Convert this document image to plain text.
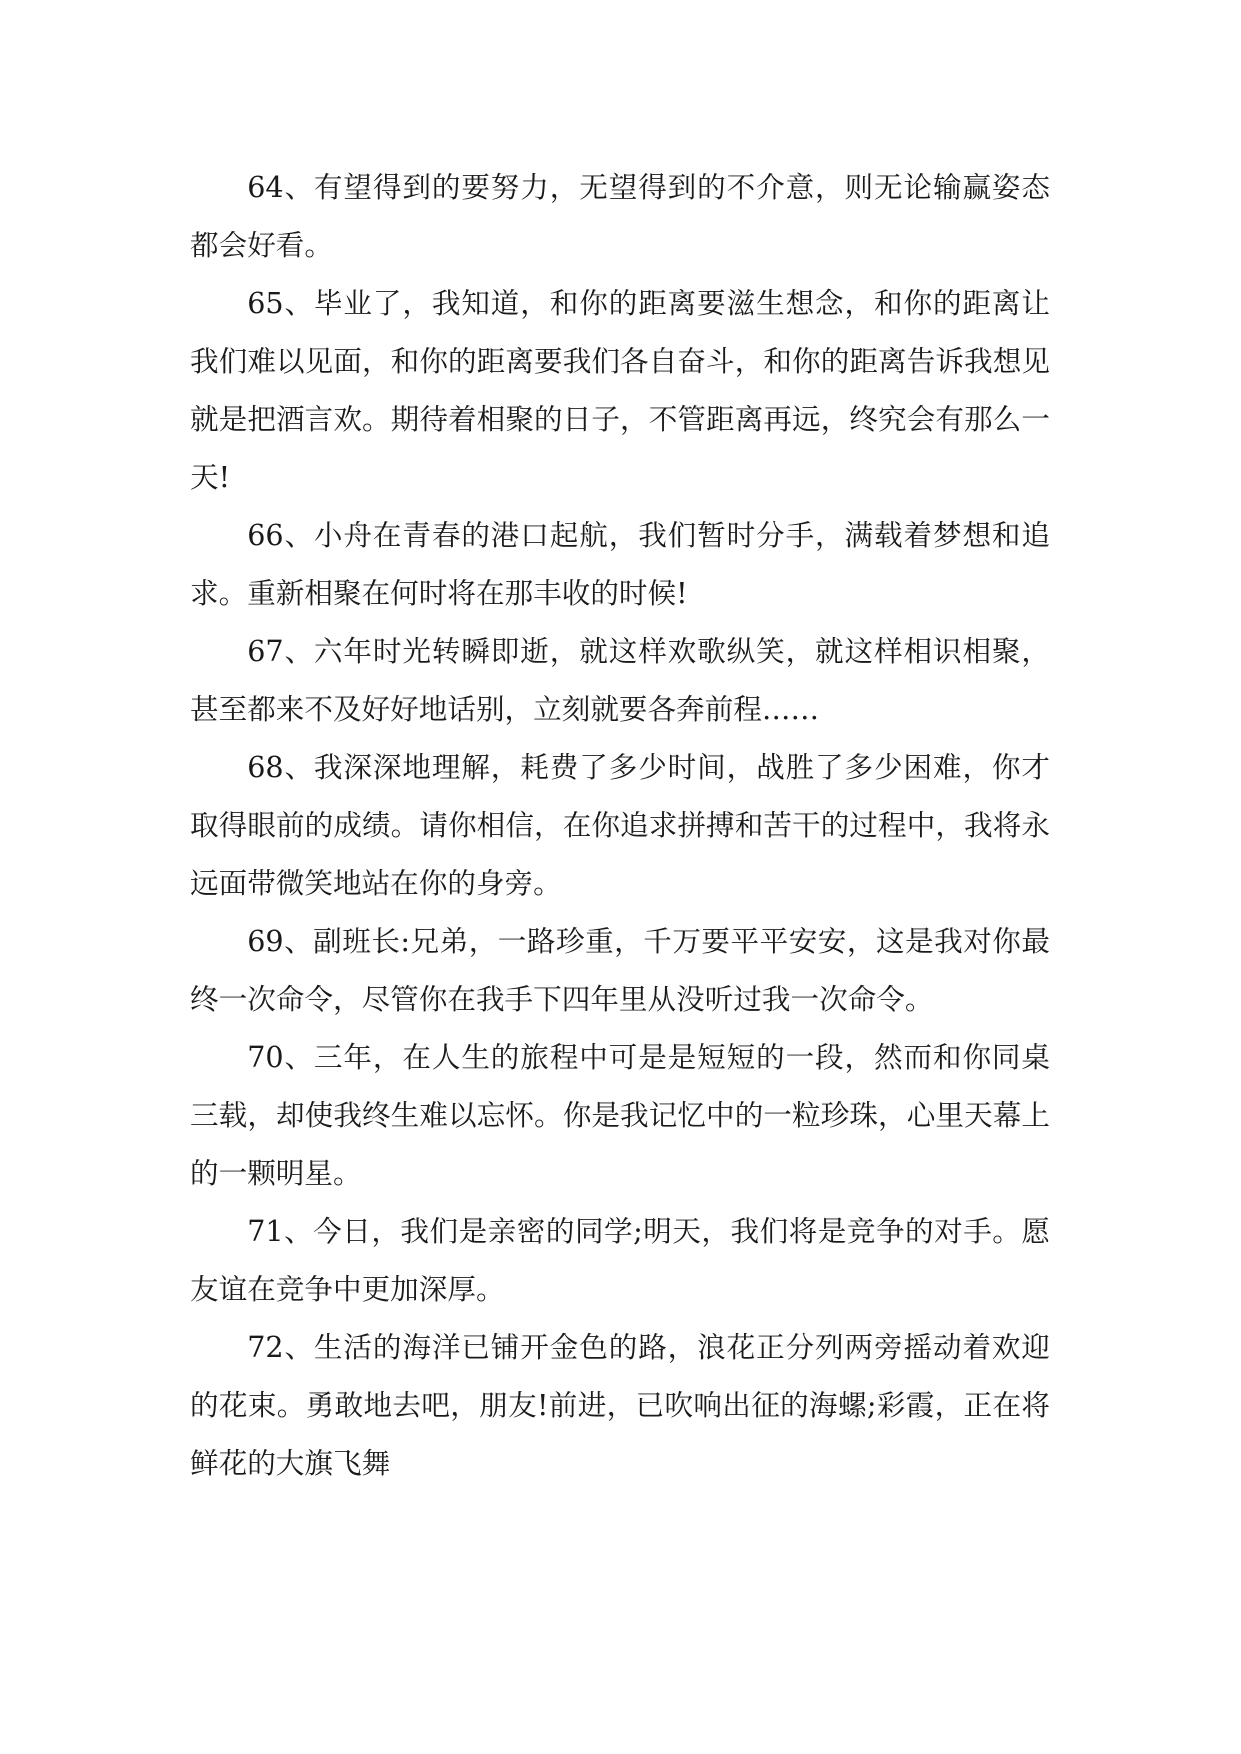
64、有望得到的要努力，无望得到的不介意，则无论输赢姿态都会好看。

65、毕业了，我知道，和你的距离要滋生想念，和你的距离让我们难以见面，和你的距离要我们各自奋斗，和你的距离告诉我想见就是把酒言欢。期待着相聚的日子，不管距离再远，终究会有那么一天!

66、小舟在青春的港口起航，我们暂时分手，满载着梦想和追求。重新相聚在何时将在那丰收的时候!

67、六年时光转瞬即逝，就这样欢歌纵笑，就这样相识相聚，甚至都来不及好好地话别，立刻就要各奔前程……

68、我深深地理解，耗费了多少时间，战胜了多少困难，你才取得眼前的成绩。请你相信，在你追求拼搏和苦干的过程中，我将永远面带微笑地站在你的身旁。

69、副班长:兄弟，一路珍重，千万要平平安安，这是我对你最终一次命令，尽管你在我手下四年里从没听过我一次命令。

70、三年，在人生的旅程中可是是短短的一段，然而和你同桌三载，却使我终生难以忘怀。你是我记忆中的一粒珍珠，心里天幕上的一颗明星。

71、今日，我们是亲密的同学;明天，我们将是竞争的对手。愿友谊在竞争中更加深厚。

72、生活的海洋已铺开金色的路，浪花正分列两旁摇动着欢迎的花束。勇敢地去吧，朋友!前进，已吹响出征的海螺;彩霞，正在将鲜花的大旗飞舞
